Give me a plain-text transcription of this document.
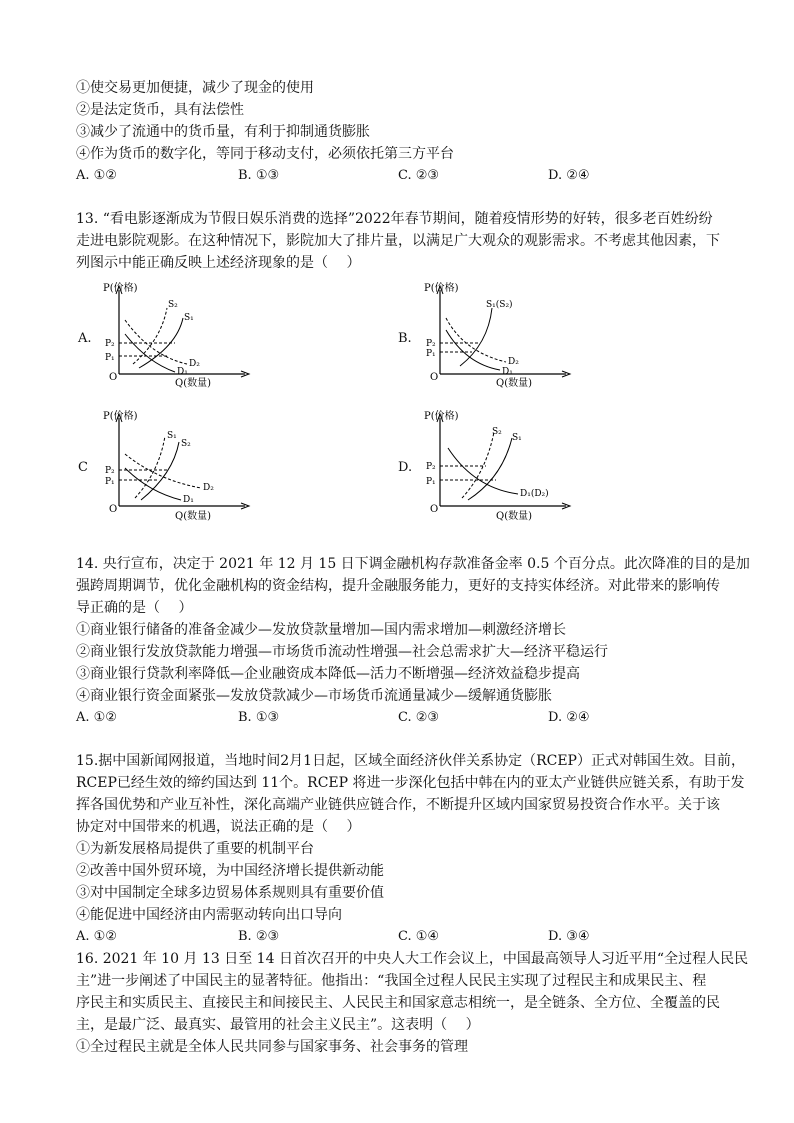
①使交易更加便捷，减少了现金的使用
②是法定货币，具有法偿性
③减少了流通中的货币量，有利于抑制通货膨胀
④作为货币的数字化，等同于移动支付，必须依托第三方平台
A. ①②	B. ①③	C. ②③	D. ②④
13. “看电影逐渐成为节假日娱乐消费的选择”2022年春节期间，随着疫情形势的好转，很多老百姓纷纷
走进电影院观影。在这种情况下，影院加大了排片量，以满足广大观众的观影需求。不考虑其他因素，下
列图示中能正确反映上述经济现象的是（　 ）
A.
P(价格)
Q(数量)
O
P₂
P₁
S₂
S₁
D₂
D₁
B.
P(价格)
Q(数量)
O
P₂
P₁
S₁(S₂)
D₂
D₁
C
P(价格)
Q(数量)
O
P₂
P₁
S₁
S₂
D₂
D₁
D.
P(价格)
Q(数量)
O
P₂
P₁
S₂
S₁
D₁(D₂)
14. 央行宣布，决定于 2021 年 12 月 15 日下调金融机构存款准备金率 0.5 个百分点。此次降准的目的是加
强跨周期调节，优化金融机构的资金结构，提升金融服务能力，更好的支持实体经济。对此带来的影响传
导正确的是（　 ）
①商业银行储备的准备金减少—发放贷款量增加—国内需求增加—刺激经济增长
②商业银行发放贷款能力增强—市场货币流动性增强—社会总需求扩大—经济平稳运行
③商业银行贷款利率降低—企业融资成本降低—活力不断增强—经济效益稳步提高
④商业银行资金面紧张—发放贷款减少—市场货币流通量减少—缓解通货膨胀
A. ①②	B. ①③	C. ②③	D. ②④
15.据中国新闻网报道，当地时间2月1日起，区域全面经济伙伴关系协定（RCEP）正式对韩国生效。目前，
RCEP已经生效的缔约国达到 11个。RCEP 将进一步深化包括中韩在内的亚太产业链供应链关系，有助于发
挥各国优势和产业互补性，深化高端产业链供应链合作，不断提升区域内国家贸易投资合作水平。关于该
协定对中国带来的机遇，说法正确的是（　 ）
①为新发展格局提供了重要的机制平台
②改善中国外贸环境，为中国经济增长提供新动能
③对中国制定全球多边贸易体系规则具有重要价值
④能促进中国经济由内需驱动转向出口导向
A. ①②	B. ②③	C. ①④	D. ③④
16. 2021 年 10 月 13 日至 14 日首次召开的中央人大工作会议上，中国最高领导人习近平用“全过程人民民
主”进一步阐述了中国民主的显著特征。他指出：“我国全过程人民民主实现了过程民主和成果民主、程
序民主和实质民主、直接民主和间接民主、人民民主和国家意志相统一，是全链条、全方位、全覆盖的民
主，是最广泛、最真实、最管用的社会主义民主”。这表明（　 ）
①全过程民主就是全体人民共同参与国家事务、社会事务的管理
